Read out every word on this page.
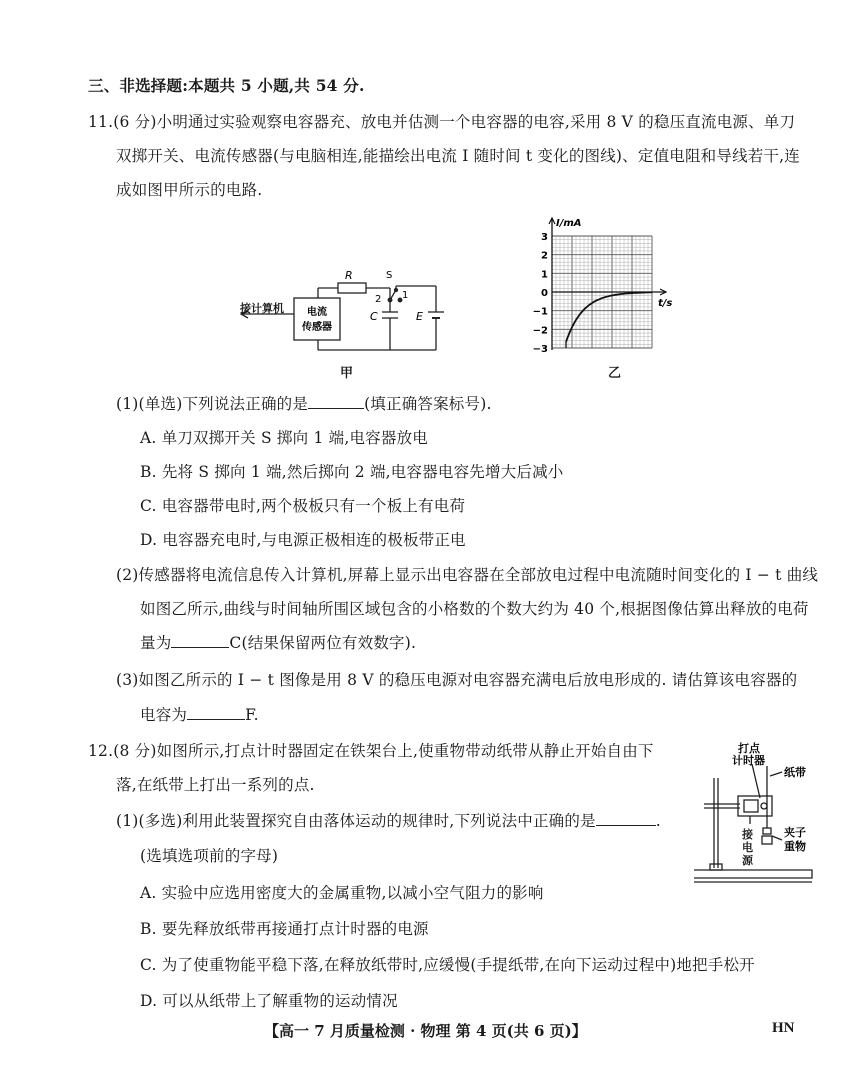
三、非选择题:本题共 5 小题,共 54 分.
11.(6 分)小明通过实验观察电容器充、放电并估测一个电容器的电容,采用 8 V 的稳压直流电源、单刀
双掷开关、电流传感器(与电脑相连,能描绘出电流 I 随时间 t 变化的图线)、定值电阻和导线若干,连
成如图甲所示的电路.
R	S
2 1
C	E
电流
传感器
接计算机
甲
3
2
1
0
−1
−2
−3
I/mA
t/s
乙
(1)(单选)下列说法正确的是	(填正确答案标号).
A. 单刀双掷开关 S 掷向 1 端,电容器放电
B. 先将 S 掷向 1 端,然后掷向 2 端,电容器电容先增大后减小
C. 电容器带电时,两个极板只有一个板上有电荷
D. 电容器充电时,与电源正极相连的极板带正电
(2)传感器将电流信息传入计算机,屏幕上显示出电容器在全部放电过程中电流随时间变化的 I − t 曲线
如图乙所示,曲线与时间轴所围区域包含的小格数的个数大约为 40 个,根据图像估算出释放的电荷
量为	C(结果保留两位有效数字).
(3)如图乙所示的 I − t 图像是用 8 V 的稳压电源对电容器充满电后放电形成的. 请估算该电容器的
电容为	F.
12.(8 分)如图所示,打点计时器固定在铁架台上,使重物带动纸带从静止开始自由下
落,在纸带上打出一系列的点.
(1)(多选)利用此装置探究自由落体运动的规律时,下列说法中正确的是	.
(选填选项前的字母)
A. 实验中应选用密度大的金属重物,以减小空气阻力的影响
B. 要先释放纸带再接通打点计时器的电源
C. 为了使重物能平稳下落,在释放纸带时,应缓慢(手提纸带,在向下运动过程中)地把手松开
D. 可以从纸带上了解重物的运动情况
打点
计时器
纸带
夹子
重物
接电源
【高一 7 月质量检测 · 物理 第 4 页(共 6 页)】	HN
